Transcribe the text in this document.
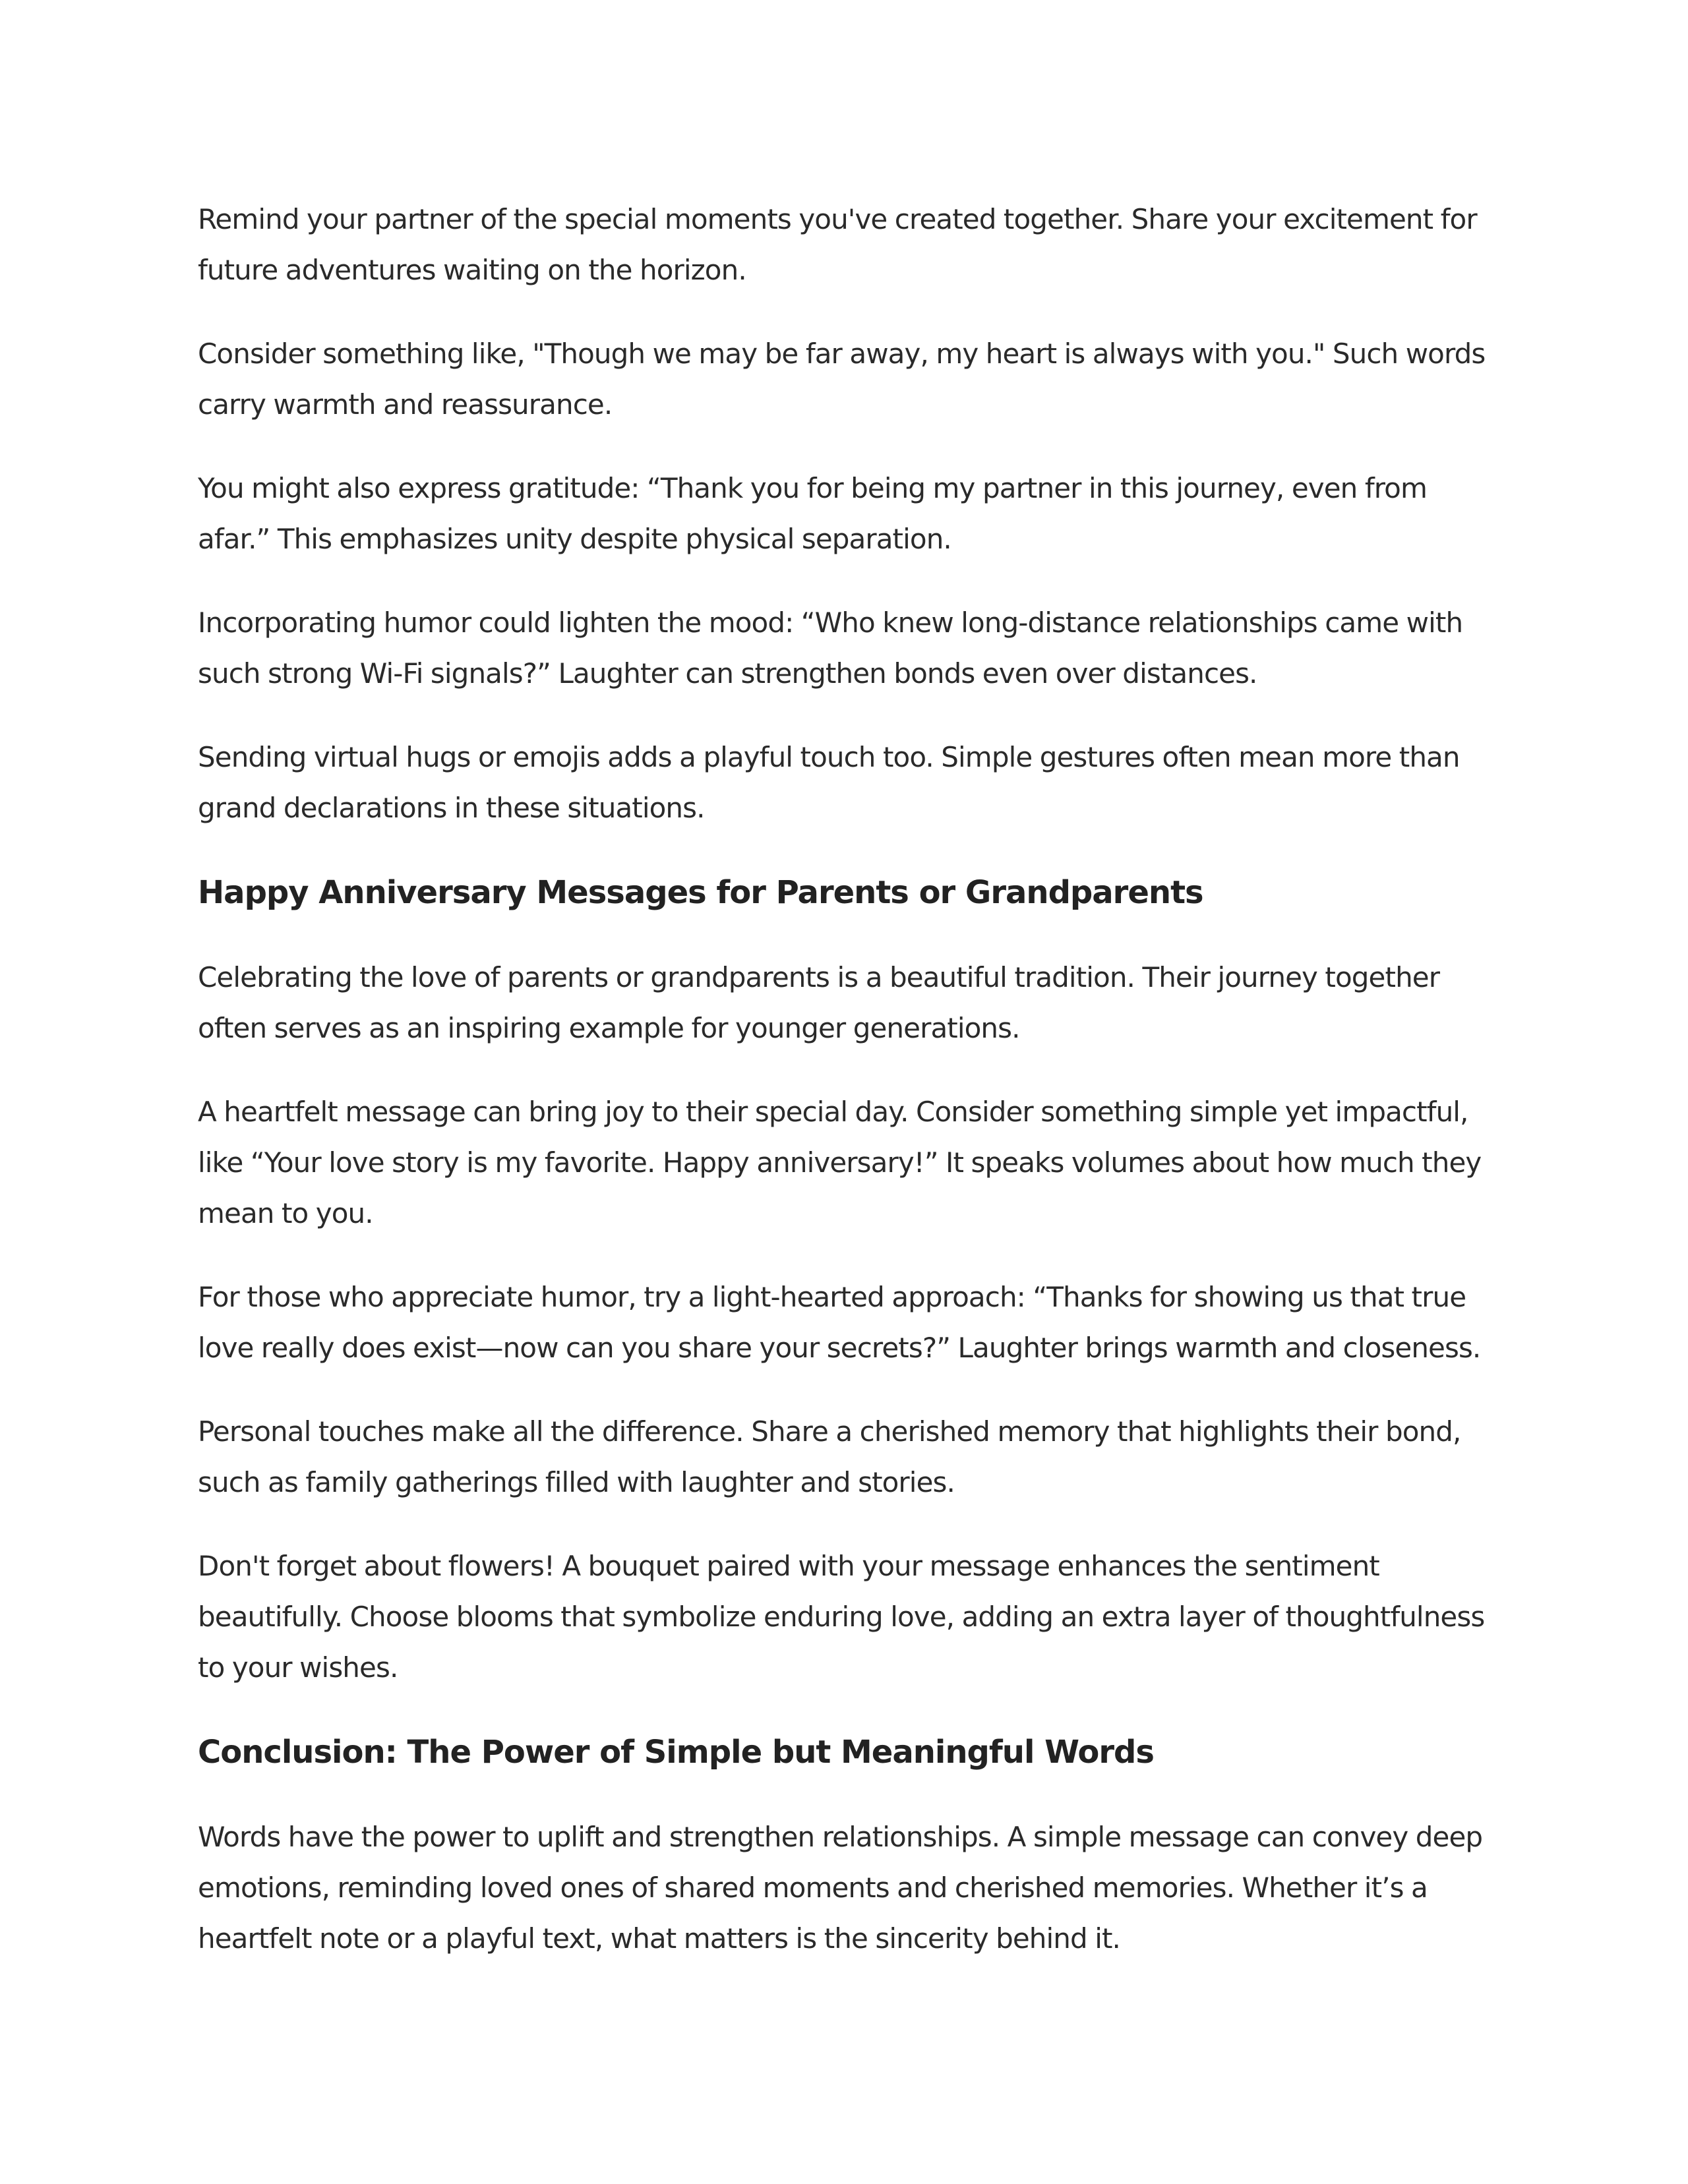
Remind your partner of the special moments you've created together. Share your excitement for future adventures waiting on the horizon.

Consider something like, "Though we may be far away, my heart is always with you." Such words carry warmth and reassurance.

You might also express gratitude: “Thank you for being my partner in this journey, even from afar.” This emphasizes unity despite physical separation.

Incorporating humor could lighten the mood: “Who knew long-distance relationships came with such strong Wi-Fi signals?” Laughter can strengthen bonds even over distances.

Sending virtual hugs or emojis adds a playful touch too. Simple gestures often mean more than grand declarations in these situations.

Happy Anniversary Messages for Parents or Grandparents

Celebrating the love of parents or grandparents is a beautiful tradition. Their journey together often serves as an inspiring example for younger generations.

A heartfelt message can bring joy to their special day. Consider something simple yet impactful, like “Your love story is my favorite. Happy anniversary!” It speaks volumes about how much they mean to you.

For those who appreciate humor, try a light-hearted approach: “Thanks for showing us that true love really does exist—now can you share your secrets?” Laughter brings warmth and closeness.

Personal touches make all the difference. Share a cherished memory that highlights their bond, such as family gatherings filled with laughter and stories.

Don't forget about flowers! A bouquet paired with your message enhances the sentiment beautifully. Choose blooms that symbolize enduring love, adding an extra layer of thoughtfulness to your wishes.

Conclusion: The Power of Simple but Meaningful Words

Words have the power to uplift and strengthen relationships. A simple message can convey deep emotions, reminding loved ones of shared moments and cherished memories. Whether it’s a heartfelt note or a playful text, what matters is the sincerity behind it.
